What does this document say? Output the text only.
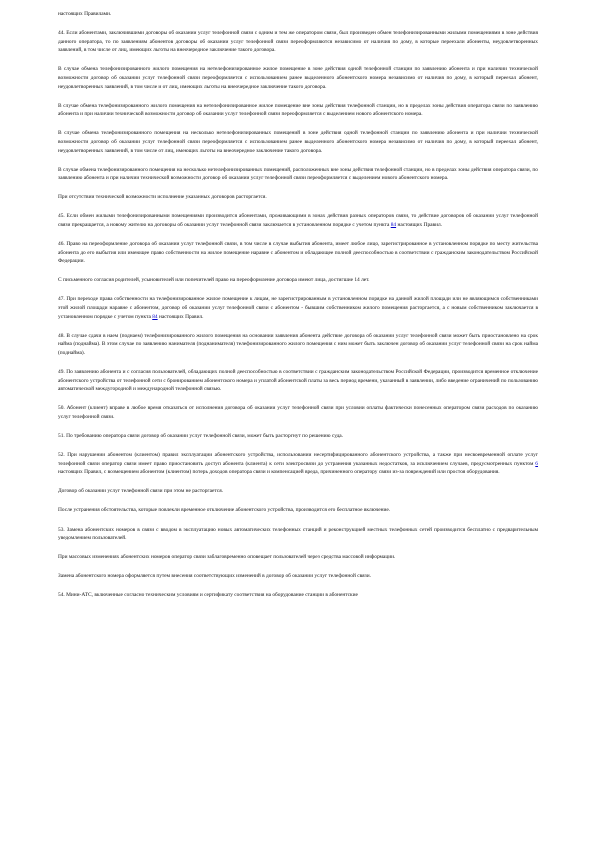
настоящих Правилами.

44. Если абонентами, заключившими договоры об оказании услуг телефонной связи с одним и тем же оператором связи, был произведен обмен телефонизированными жилыми помещениями в зоне действия данного оператора, то по заявлениям абонентов договоры об оказании услуг телефонной связи переоформляются независимо от наличия по дому, в которые переехали абоненты, неудовлетворенных заявлений, в том числе от лиц, имеющих льготы на внеочередное заключение такого договора.

В случае обмена телефонизированного жилого помещения на нетелефонизированное жилое помещение в зоне действия одной телефонной станции по заявлению абонента и при наличии технической возможности договор об оказании услуг телефонной связи переоформляется с использованием ранее выделенного абонентского номера независимо от наличия по дому, в который переехал абонент, неудовлетворенных заявлений, в том числе и от лиц, имеющих льготы на внеочередное заключение такого договора.

В случае обмена телефонизированного жилого помещения на нетелефонизированное жилое помещение вне зоны действия телефонной станции, но в пределах зоны действия оператора связи по заявлению абонента и при наличии технической возможности договор об оказании услуг телефонной связи переоформляется с выделением нового абонентского номера.

В случае обмена телефонизированного помещения на несколько нетелефонизированных помещений в зоне действия одной телефонной станции по заявлению абонента и при наличии технической возможности договор об оказании услуг телефонной связи переоформляется с использованием ранее выделенного абонентского номера независимо от наличия по дому, в который переехал абонент, неудовлетворенных заявлений, в том числе от лиц, имеющих льготы на внеочередное заключение такого договора.

В случае обмена телефонизированного помещения на несколько нетелефонизированных помещений, расположенных вне зоны действия телефонной станции, но в пределах зоны действия оператора связи, по заявлению абонента и при наличии технической возможности договор об оказании услуг телефонной связи переоформляется с выделением нового абонентского номера.

При отсутствии технической возможности исполнение указанных договоров расторгается.

45. Если обмен жилыми телефонизированными помещениями производится абонентами, проживающими в зонах действия разных операторов связи, то действие договоров об оказании услуг телефонной связи прекращается, а новому жителю на договоры об оказании услуг телефонной связи заключается в установленном порядке с учетом пункта 84 настоящих Правил.

46. Право на переоформление договора об оказании услуг телефонной связи, в том числе в случае выбытия абонента, имеет любое лицо, зарегистрированное в установленном порядке по месту жительства абонента до его выбытия или имеющее право собственности на жилое помещение наравне с абонентом и обладающее полной дееспособностью в соответствии с гражданским законодательством Российской Федерации.

С письменного согласия родителей, усыновителей или попечителей право на переоформление договора имеют лица, достигшие 14 лет.

47. При переходе права собственности на телефонизированное жилое помещение к лицам, не зарегистрированным в установленном порядке на данной жилой площади или не являющимся собственниками этой жилой площади наравне с абонентом, договор об оказании услуг телефонной связи с абонентом - бывшим собственником жилого помещения расторгается, а с новым собственником заключается в установленном порядке с учетом пункта 84 настоящих Правил.

48. В случае сдачи в наем (поднаем) телефонизированного жилого помещения на основании заявления абонента действие договора об оказании услуг телефонной связи может быть приостановлено на срок найма (поднайма). В этом случае по заявлению нанимателя (поднанимателя) телефонизированного жилого помещения с ним может быть заключен договор об оказании услуг телефонной связи на срок найма (поднайма).

49. По заявлению абонента и с согласия пользователей, обладающих полной дееспособностью в соответствии с гражданским законодательством Российской Федерации, производится временное отключение абонентского устройства от телефонной сети с бронированием абонентского номера и уплатой абонентской платы за весь период времени, указанный в заявлении, либо введение ограничений по пользованию автоматической междугородной и международной телефонной связью.

50. Абонент (клиент) вправе в любое время отказаться от исполнения договора об оказании услуг телефонной связи при условии оплаты фактически понесенных оператором связи расходов по оказанию услуг телефонной связи.

51. По требованию оператора связи договор об оказании услуг телефонной связи, может быть расторгнут по решению суда.

52. При нарушении абонентом (клиентом) правил эксплуатации абонентского устройства, использовании несертифицированного абонентского устройства, а также при несвоевременной оплате услуг телефонной связи оператор связи имеет право приостановить доступ абонента (клиента) к сети электросвязи до устранения указанных недостатков, за исключением случаев, предусмотренных пунктом 6 настоящих Правил, с возмещением абонентом (клиентом) потерь доходов оператора связи и компенсацией вреда, причиненного оператору связи из-за повреждений или простоя оборудования.

Договор об оказании услуг телефонной связи при этом не расторгается.

После устранения обстоятельства, которые повлекли временное отключение абонентского устройства, производится его бесплатное включение.

53. Замена абонентских номеров в связи с вводом в эксплуатацию новых автоматических телефонных станций и реконструкцией местных телефонных сетей производится бесплатно с предварительным уведомлением пользователей.

При массовых изменениях абонентских номеров оператор связи заблаговременно оповещает пользователей через средства массовой информации.

Замена абонентского номера оформляется путем внесения соответствующих изменений в договор об оказании услуг телефонной связи.

54. Мини-АТС, включенные согласно техническим условиям и сертификату соответствия на оборудование станции в абонентские
